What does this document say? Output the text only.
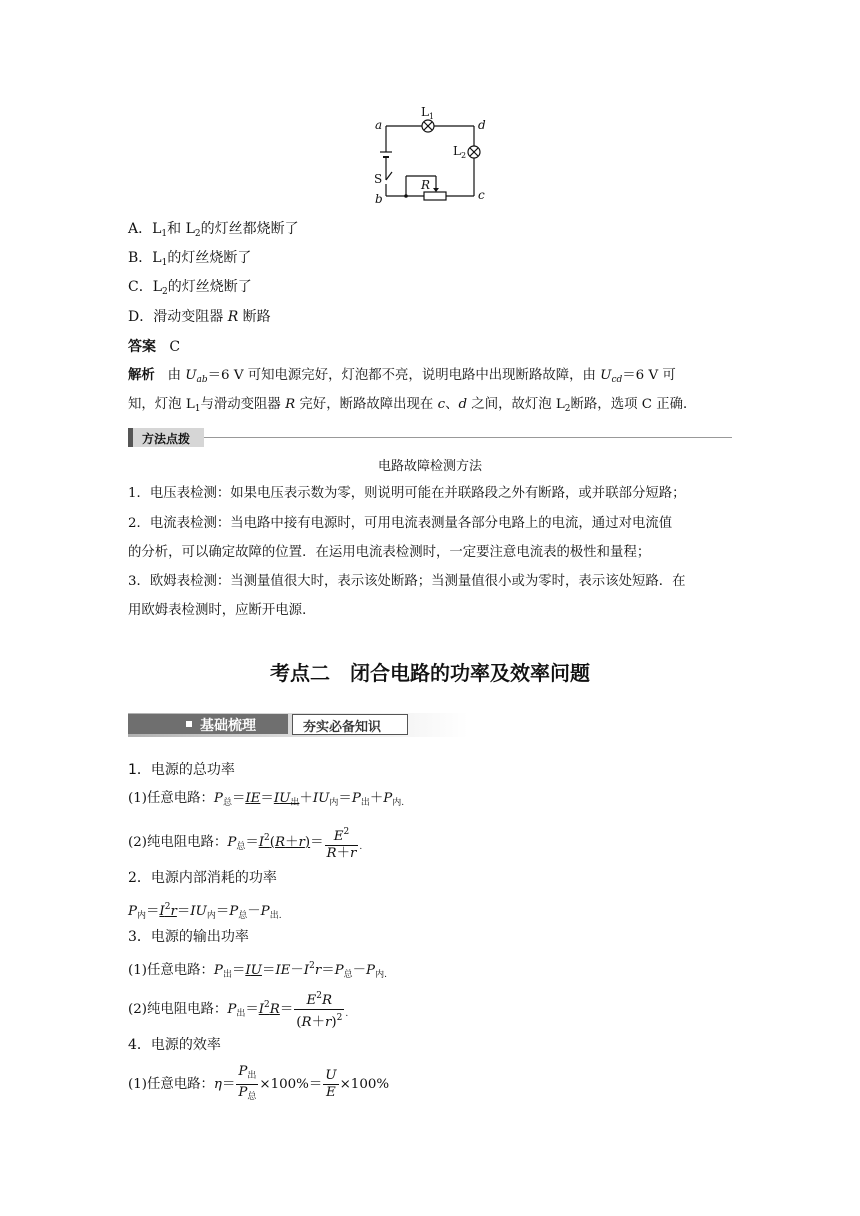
a	d
b	c
R
$L_1$
$L_2$
S
A．$L_1$和 $L_2$的灯丝都烧断了
B．$L_1$的灯丝烧断了
C．$L_2$的灯丝烧断了
D．滑动变阻器 R 断路
答案 C
解析 由 $U_{ab}=6$ V 可知电源完好，灯泡都不亮，说明电路中出现断路故障，由 $U_{cd}=6$ V 可
知，灯泡 $L_1$与滑动变阻器 R 完好，断路故障出现在 c、d 之间，故灯泡 $L_2$断路，选项 C 正确．
方法点拨
电路故障检测方法
1．电压表检测：如果电压表示数为零，则说明可能在并联路段之外有断路，或并联部分短路；
2．电流表检测：当电路中接有电源时，可用电流表测量各部分电路上的电流，通过对电流值
的分析，可以确定故障的位置．在运用电流表检测时，一定要注意电流表的极性和量程；
3．欧姆表检测：当测量值很大时，表示该处断路；当测量值很小或为零时，表示该处短路．在
用欧姆表检测时，应断开电源．
考点二　闭合电路的功率及效率问题
基础梳理	夯实必备知识
1．电源的总功率
(1)任意电路：$P_总=IE=IU_出+IU_内=P_出+P_{内.}$
(2)纯电阻电路：$P_总=I^2(R+r)= \frac{E^2}{R+r} _.$
2．电源内部消耗的功率
$P_内=I^2r=IU_内=P_总-P_{出.}$
3．电源的输出功率
(1)任意电路：$P_出=IU=IE-I^2r=P_总-P_{内.}$
(2)纯电阻电路：$P_出=I^2R= \frac{E^2R}{(R+r)^2} _.$
4．电源的效率
(1)任意电路：$\eta= \frac{P_出}{P_总} \times 100\%= \frac{U}{E} \times 100\%$
